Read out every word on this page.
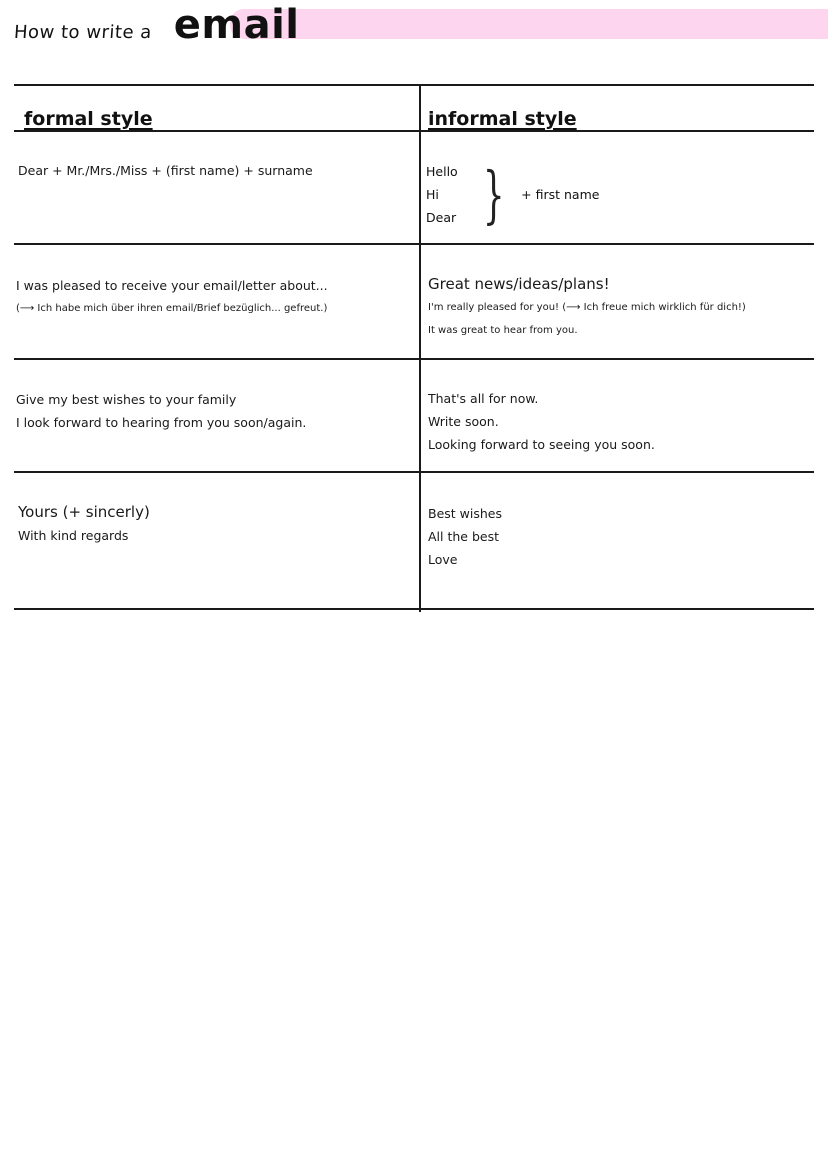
How to write a email
formal style	informal style
Dear + Mr./Mrs./Miss + (first name) + surname	Hello
Hi
Dear } + first name
I was pleased to receive your email/letter about...
(⟶ Ich habe mich über ihren email/Brief bezüglich... gefreut.)
Great news/ideas/plans!
I'm really pleased for you! (⟶ Ich freue mich wirklich für dich!)
It was great to hear from you.
Give my best wishes to your family
I look forward to hearing from you soon/again.
That's all for now.
Write soon.
Looking forward to seeing you soon.
Yours (+ sincerly)
With kind regards
Best wishes
All the best
Love
